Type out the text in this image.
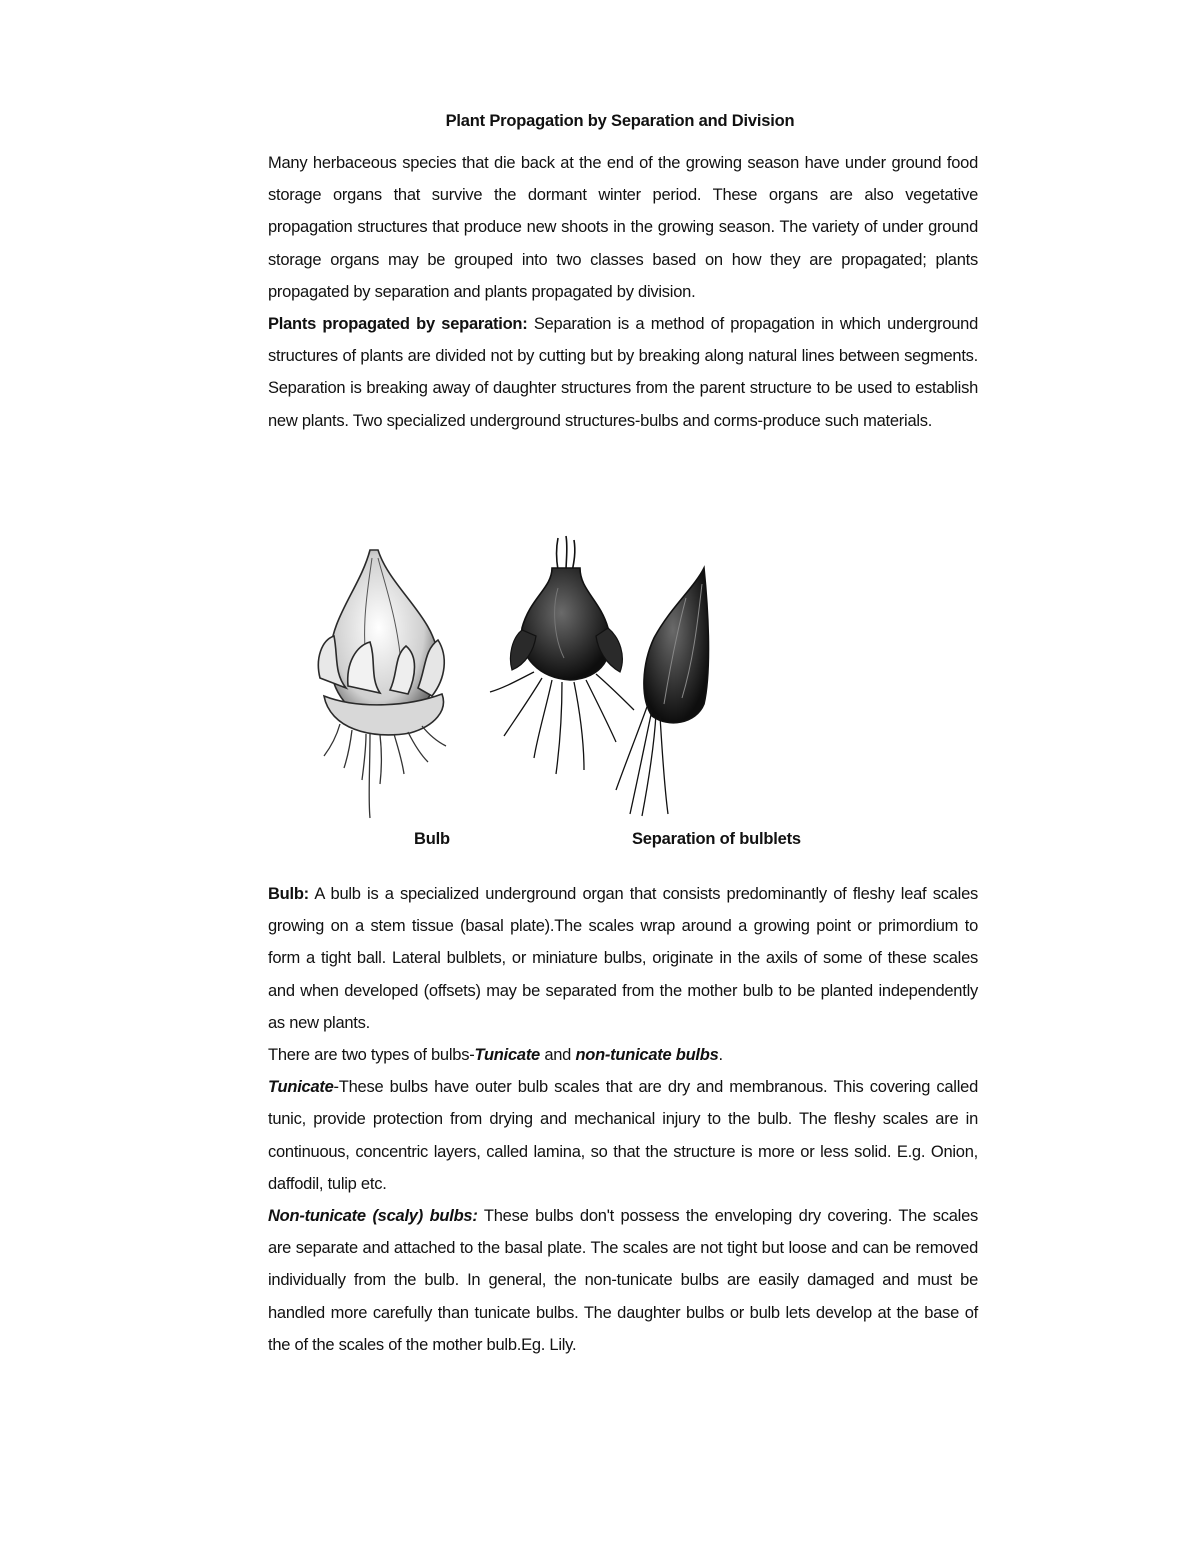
Plant Propagation by Separation and Division

Many herbaceous species that die back at the end of the growing season have under ground food storage organs that survive the dormant winter period. These organs are also vegetative propagation structures that produce new shoots in the growing season. The variety of under ground storage organs may be grouped into two classes based on how they are propagated; plants propagated by separation and plants propagated by division.

Plants propagated by separation: Separation is a method of propagation in which underground structures of plants are divided not by cutting but by breaking along natural lines between segments. Separation is breaking away of daughter structures from the parent structure to be used to establish new plants. Two specialized underground structures-bulbs and corms-produce such materials.

Bulb	Separation of bulblets

Bulb: A bulb is a specialized underground organ that consists predominantly of fleshy leaf scales growing on a stem tissue (basal plate).The scales wrap around a growing point or primordium to form a tight ball. Lateral bulblets, or miniature bulbs, originate in the axils of some of these scales and when developed (offsets) may be separated from the mother bulb to be planted independently as new plants.

There are two types of bulbs-Tunicate and non-tunicate bulbs.

Tunicate-These bulbs have outer bulb scales that are dry and membranous. This covering called tunic, provide protection from drying and mechanical injury to the bulb. The fleshy scales are in continuous, concentric layers, called lamina, so that the structure is more or less solid. E.g. Onion, daffodil, tulip etc.

Non-tunicate (scaly) bulbs: These bulbs don't possess the enveloping dry covering. The scales are separate and attached to the basal plate. The scales are not tight but loose and can be removed individually from the bulb. In general, the non-tunicate bulbs are easily damaged and must be handled more carefully than tunicate bulbs. The daughter bulbs or bulb lets develop at the base of the of the scales of the mother bulb.Eg. Lily.
